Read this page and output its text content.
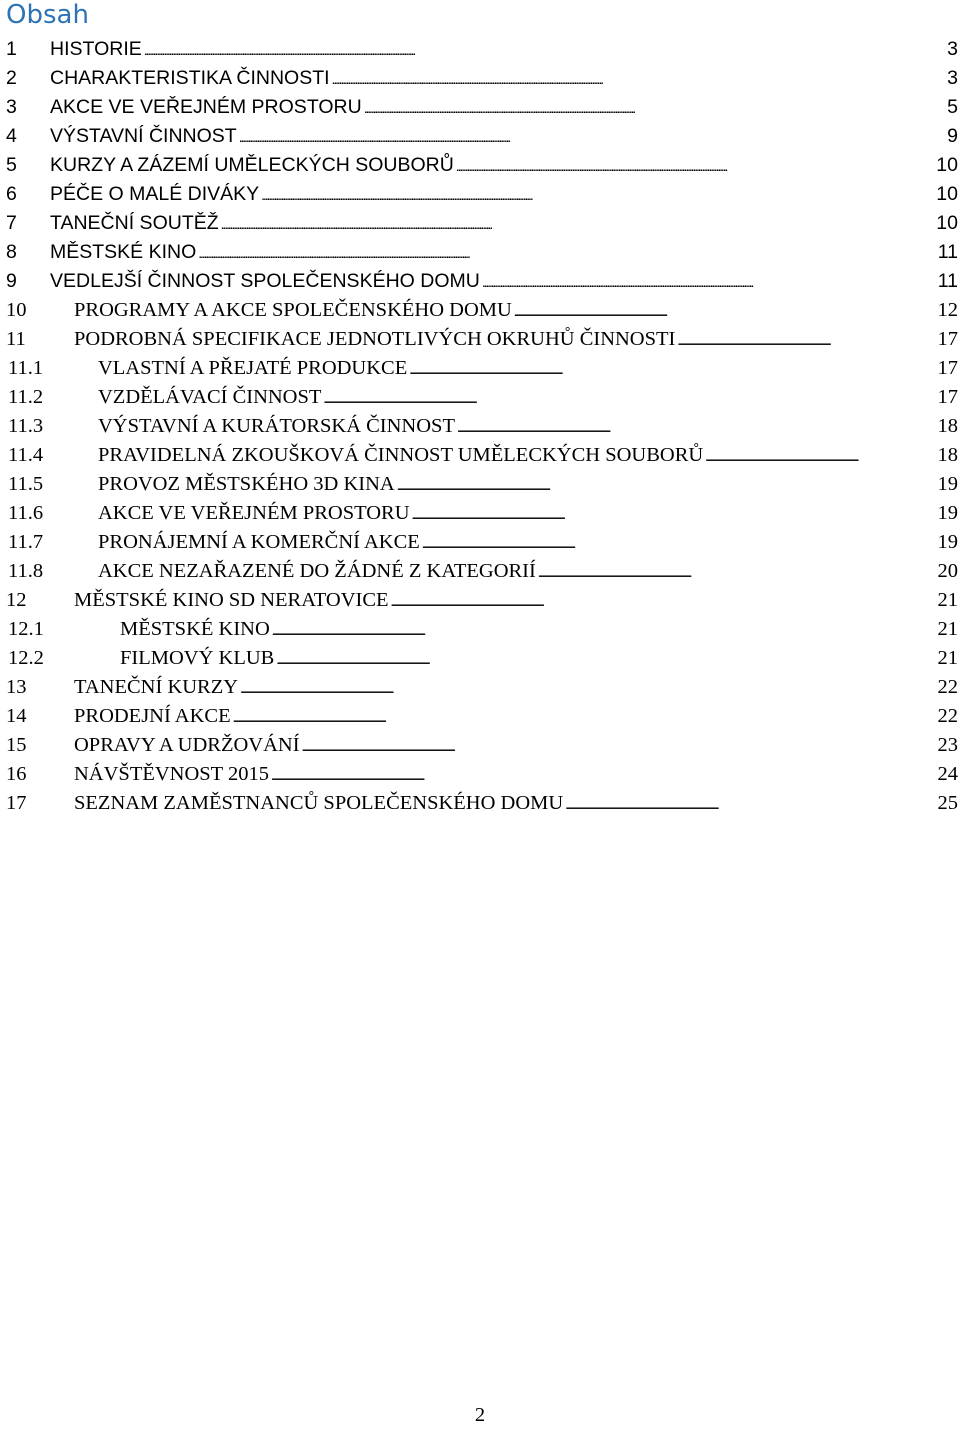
Obsah
1	HISTORIE . . .	3
2	CHARAKTERISTIKA ČINNOSTI . . .	3
3	AKCE VE VEŘEJNÉM PROSTORU . . .	5
4	VÝSTAVNÍ ČINNOST . . .	9
5	KURZY A ZÁZEMÍ UMĚLECKÝCH SOUBORŮ . . .	10
6	PÉČE O MALÉ DIVÁKY . . .	10
7	TANEČNÍ SOUTĚŽ . . .	10
8	MĚSTSKÉ KINO . . .	11
9	VEDLEJŠÍ ČINNOST SPOLEČENSKÉHO DOMU . . .	11
10	PROGRAMY A AKCE SPOLEČENSKÉHO DOMU . . .	12
11	PODROBNÁ SPECIFIKACE JEDNOTLIVÝCH OKRUHŮ ČINNOSTI . . .	17
11.1	VLASTNÍ A PŘEJATÉ PRODUKCE . . .	17
11.2	VZDĚLÁVACÍ ČINNOST . . .	17
11.3	VÝSTAVNÍ A KURÁTORSKÁ ČINNOST . . .	18
11.4	PRAVIDELNÁ ZKOUŠKOVÁ ČINNOST UMĚLECKÝCH SOUBORŮ . . .	18
11.5	PROVOZ MĚSTSKÉHO 3D KINA . . .	19
11.6	AKCE VE VEŘEJNÉM PROSTORU . . .	19
11.7	PRONÁJEMNÍ A KOMERČNÍ AKCE . . .	19
11.8	AKCE NEZAŘAZENÉ DO ŽÁDNÉ Z KATEGORIÍ . . .	20
12	MĚSTSKÉ KINO SD NERATOVICE . . .	21
12.1	MĚSTSKÉ KINO . . .	21
12.2	FILMOVÝ KLUB . . .	21
13	TANEČNÍ KURZY . . .	22
14	PRODEJNÍ AKCE . . .	22
15	OPRAVY A UDRŽOVÁNÍ . . .	23
16	NÁVŠTĚVNOST 2015 . . .	24
17	SEZNAM ZAMĚSTNANCŮ SPOLEČENSKÉHO DOMU . . .	25
2
